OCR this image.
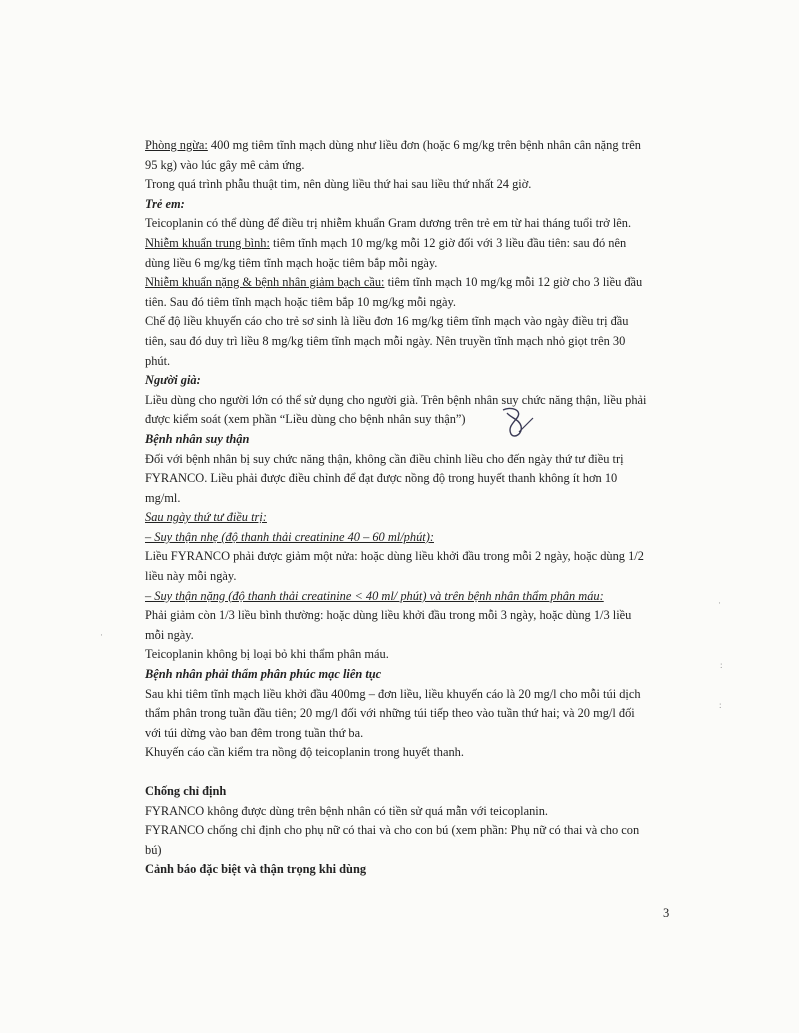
Phòng ngừa: 400 mg tiêm tĩnh mạch dùng như liều đơn (hoặc 6 mg/kg trên bệnh nhân cân nặng trên
95 kg) vào lúc gây mê cảm ứng.
Trong quá trình phẫu thuật tim, nên dùng liều thứ hai sau liều thứ nhất 24 giờ.
Trẻ em:
Teicoplanin có thể dùng để điều trị nhiễm khuẩn Gram dương trên trẻ em từ hai tháng tuổi trở lên.
Nhiễm khuẩn trung bình: tiêm tĩnh mạch 10 mg/kg mỗi 12 giờ đối với 3 liều đầu tiên: sau đó nên
dùng liều 6 mg/kg tiêm tĩnh mạch hoặc tiêm bắp mỗi ngày.
Nhiễm khuẩn nặng & bệnh nhân giảm bạch cầu: tiêm tĩnh mạch 10 mg/kg mỗi 12 giờ cho 3 liều đầu
tiên. Sau đó tiêm tĩnh mạch hoặc tiêm bắp 10 mg/kg mỗi ngày.
Chế độ liều khuyến cáo cho trẻ sơ sinh là liều đơn 16 mg/kg tiêm tĩnh mạch vào ngày điều trị đầu
tiên, sau đó duy trì liều 8 mg/kg tiêm tĩnh mạch mỗi ngày. Nên truyền tĩnh mạch nhỏ giọt trên 30
phút.
Người già:
Liều dùng cho người lớn có thể sử dụng cho người già. Trên bệnh nhân suy chức năng thận, liều phải
được kiểm soát (xem phần “Liều dùng cho bệnh nhân suy thận”)
Bệnh nhân suy thận
Đối với bệnh nhân bị suy chức năng thận, không cần điều chỉnh liều cho đến ngày thứ tư điều trị
FYRANCO. Liều phải được điều chỉnh để đạt được nồng độ trong huyết thanh không ít hơn 10
mg/ml.
Sau ngày thứ tư điều trị:
– Suy thận nhẹ (độ thanh thải creatinine 40 – 60 ml/phút):
Liều FYRANCO phải được giảm một nửa: hoặc dùng liều khởi đầu trong mỗi 2 ngày, hoặc dùng 1/2
liều này mỗi ngày.
– Suy thận nặng (độ thanh thải creatinine < 40 ml/ phút) và trên bệnh nhân thẩm phân máu:
Phải giảm còn 1/3 liều bình thường: hoặc dùng liều khởi đầu trong mỗi 3 ngày, hoặc dùng 1/3 liều
mỗi ngày.
Teicoplanin không bị loại bỏ khi thẩm phân máu.
Bệnh nhân phải thẩm phân phúc mạc liên tục
Sau khi tiêm tĩnh mạch liều khởi đầu 400mg – đơn liều, liều khuyến cáo là 20 mg/l cho mỗi túi dịch
thẩm phân trong tuần đầu tiên; 20 mg/l đối với những túi tiếp theo vào tuần thứ hai; và 20 mg/l đối
với túi dừng vào ban đêm trong tuần thứ ba.
Khuyến cáo cần kiểm tra nồng độ teicoplanin trong huyết thanh.
Chống chỉ định
FYRANCO không được dùng trên bệnh nhân có tiền sử quá mẫn với teicoplanin.
FYRANCO chống chỉ định cho phụ nữ có thai và cho con bú (xem phần: Phụ nữ có thai và cho con
bú)
Cảnh báo đặc biệt và thận trọng khi dùng
·
:
:
·
3
